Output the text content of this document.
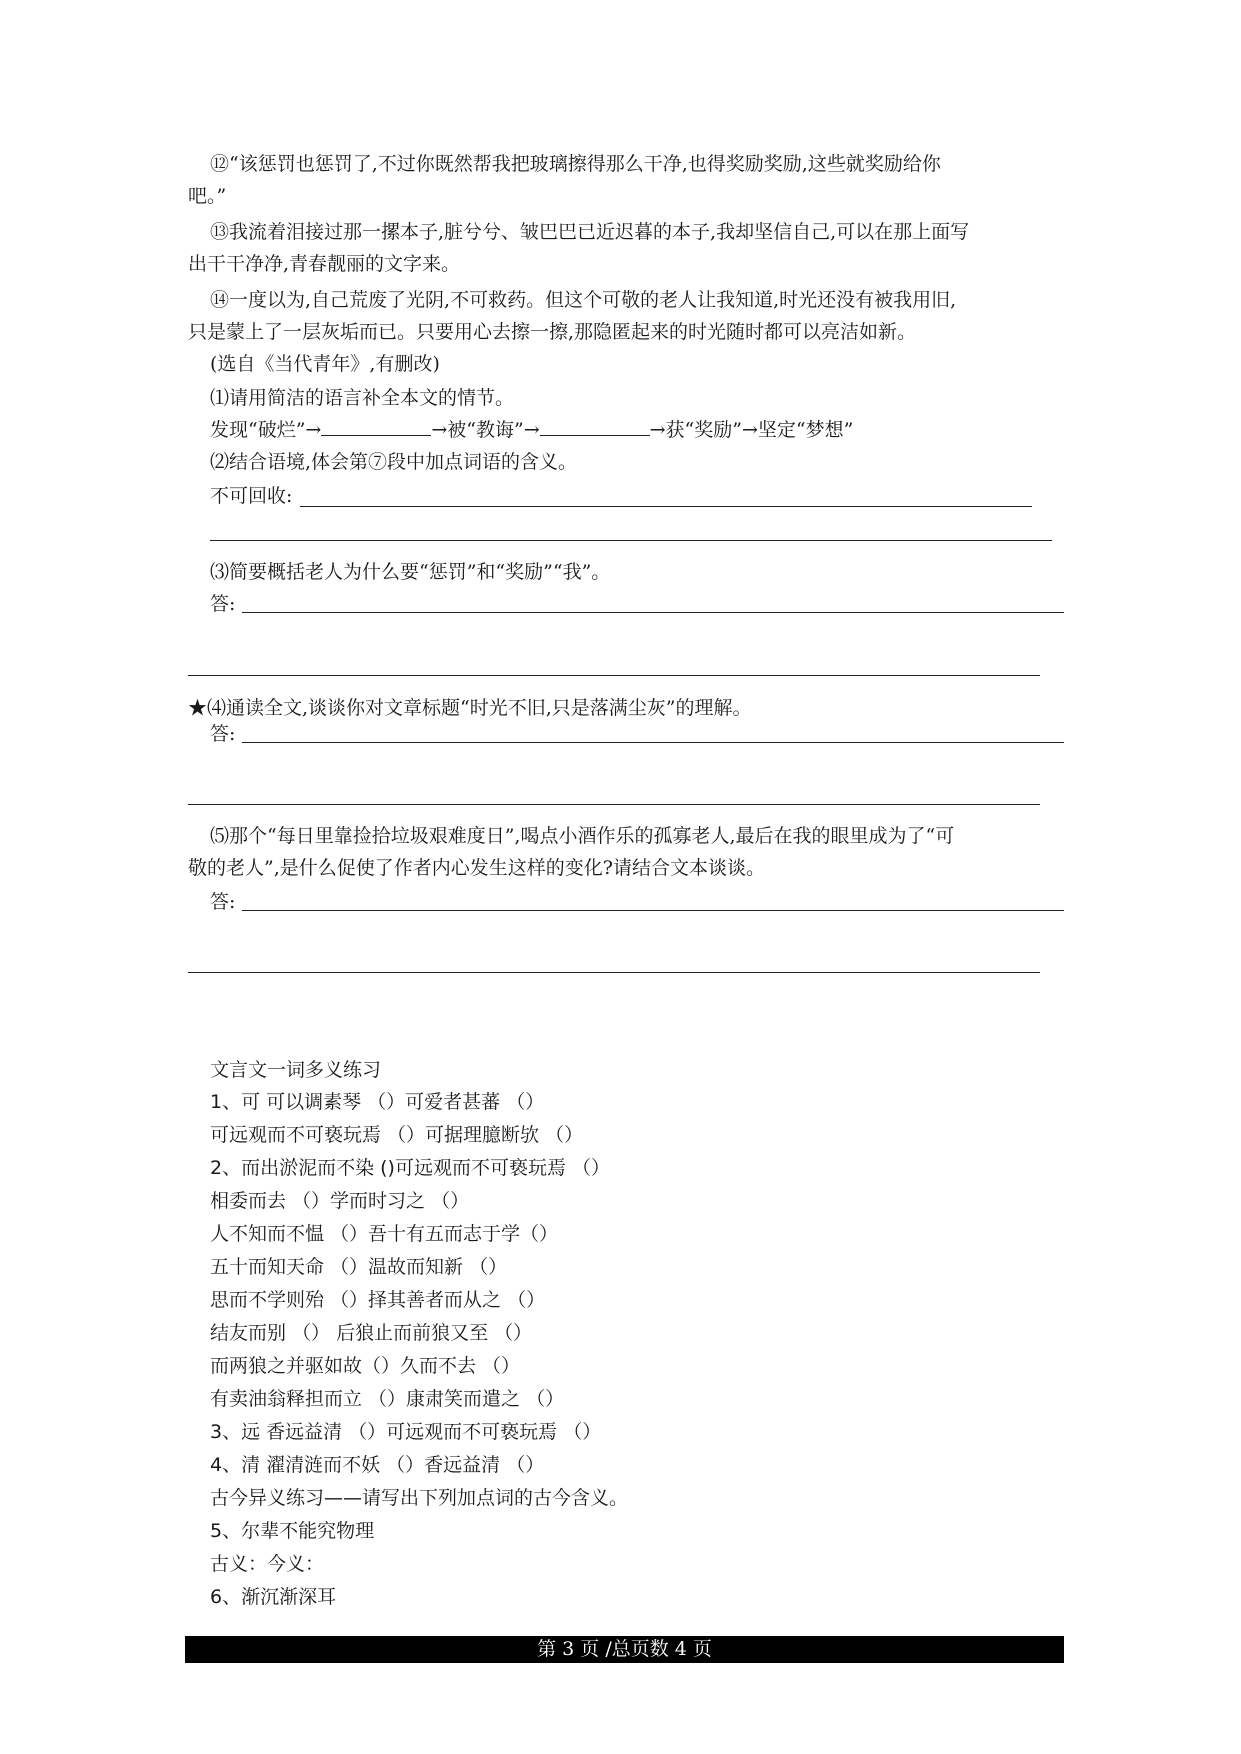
⑫“该惩罚也惩罚了,不过你既然帮我把玻璃擦得那么干净,也得奖励奖励,这些就奖励给你
吧。”
⑬我流着泪接过那一摞本子,脏兮兮、皱巴巴已近迟暮的本子,我却坚信自己,可以在那上面写
出干干净净,青春靓丽的文字来。
⑭一度以为,自己荒废了光阴,不可救药。但这个可敬的老人让我知道,时光还没有被我用旧,
只是蒙上了一层灰垢而已。只要用心去擦一擦,那隐匿起来的时光随时都可以亮洁如新。
(选自《当代青年》,有删改)
⑴请用简洁的语言补全本文的情节。
发现“破烂”→	→被“教诲”→	→获“奖励”→坚定“梦想”
⑵结合语境,体会第⑦段中加点词语的含义。
不可回收:
⑶简要概括老人为什么要“惩罚”和“奖励”“我”。
答:
★⑷通读全文,谈谈你对文章标题“时光不旧,只是落满尘灰”的理解。
答:
⑸那个“每日里靠捡拾垃圾艰难度日”,喝点小酒作乐的孤寡老人,最后在我的眼里成为了“可
敬的老人”,是什么促使了作者内心发生这样的变化?请结合文本谈谈。
答:
文言文一词多义练习
1、可 可以调素琴 （）可爱者甚蕃 （）
可远观而不可亵玩焉 （）可据理臆断欤 （）
2、而出淤泥而不染 ()可远观而不可亵玩焉 （）
相委而去 （）学而时习之 （）
人不知而不愠 （）吾十有五而志于学（）
五十而知天命 （）温故而知新 （）
思而不学则殆 （）择其善者而从之 （）
结友而别 （） 后狼止而前狼又至 （）
而两狼之并驱如故（）久而不去 （）
有卖油翁释担而立 （）康肃笑而遣之 （）
3、远 香远益清 （）可远观而不可亵玩焉 （）
4、清 濯清涟而不妖 （）香远益清 （）
古今异义练习——请写出下列加点词的古今含义。
5、尔辈不能究物理
古义：今义：
6、渐沉渐深耳
第 3 页 /总页数 4 页
